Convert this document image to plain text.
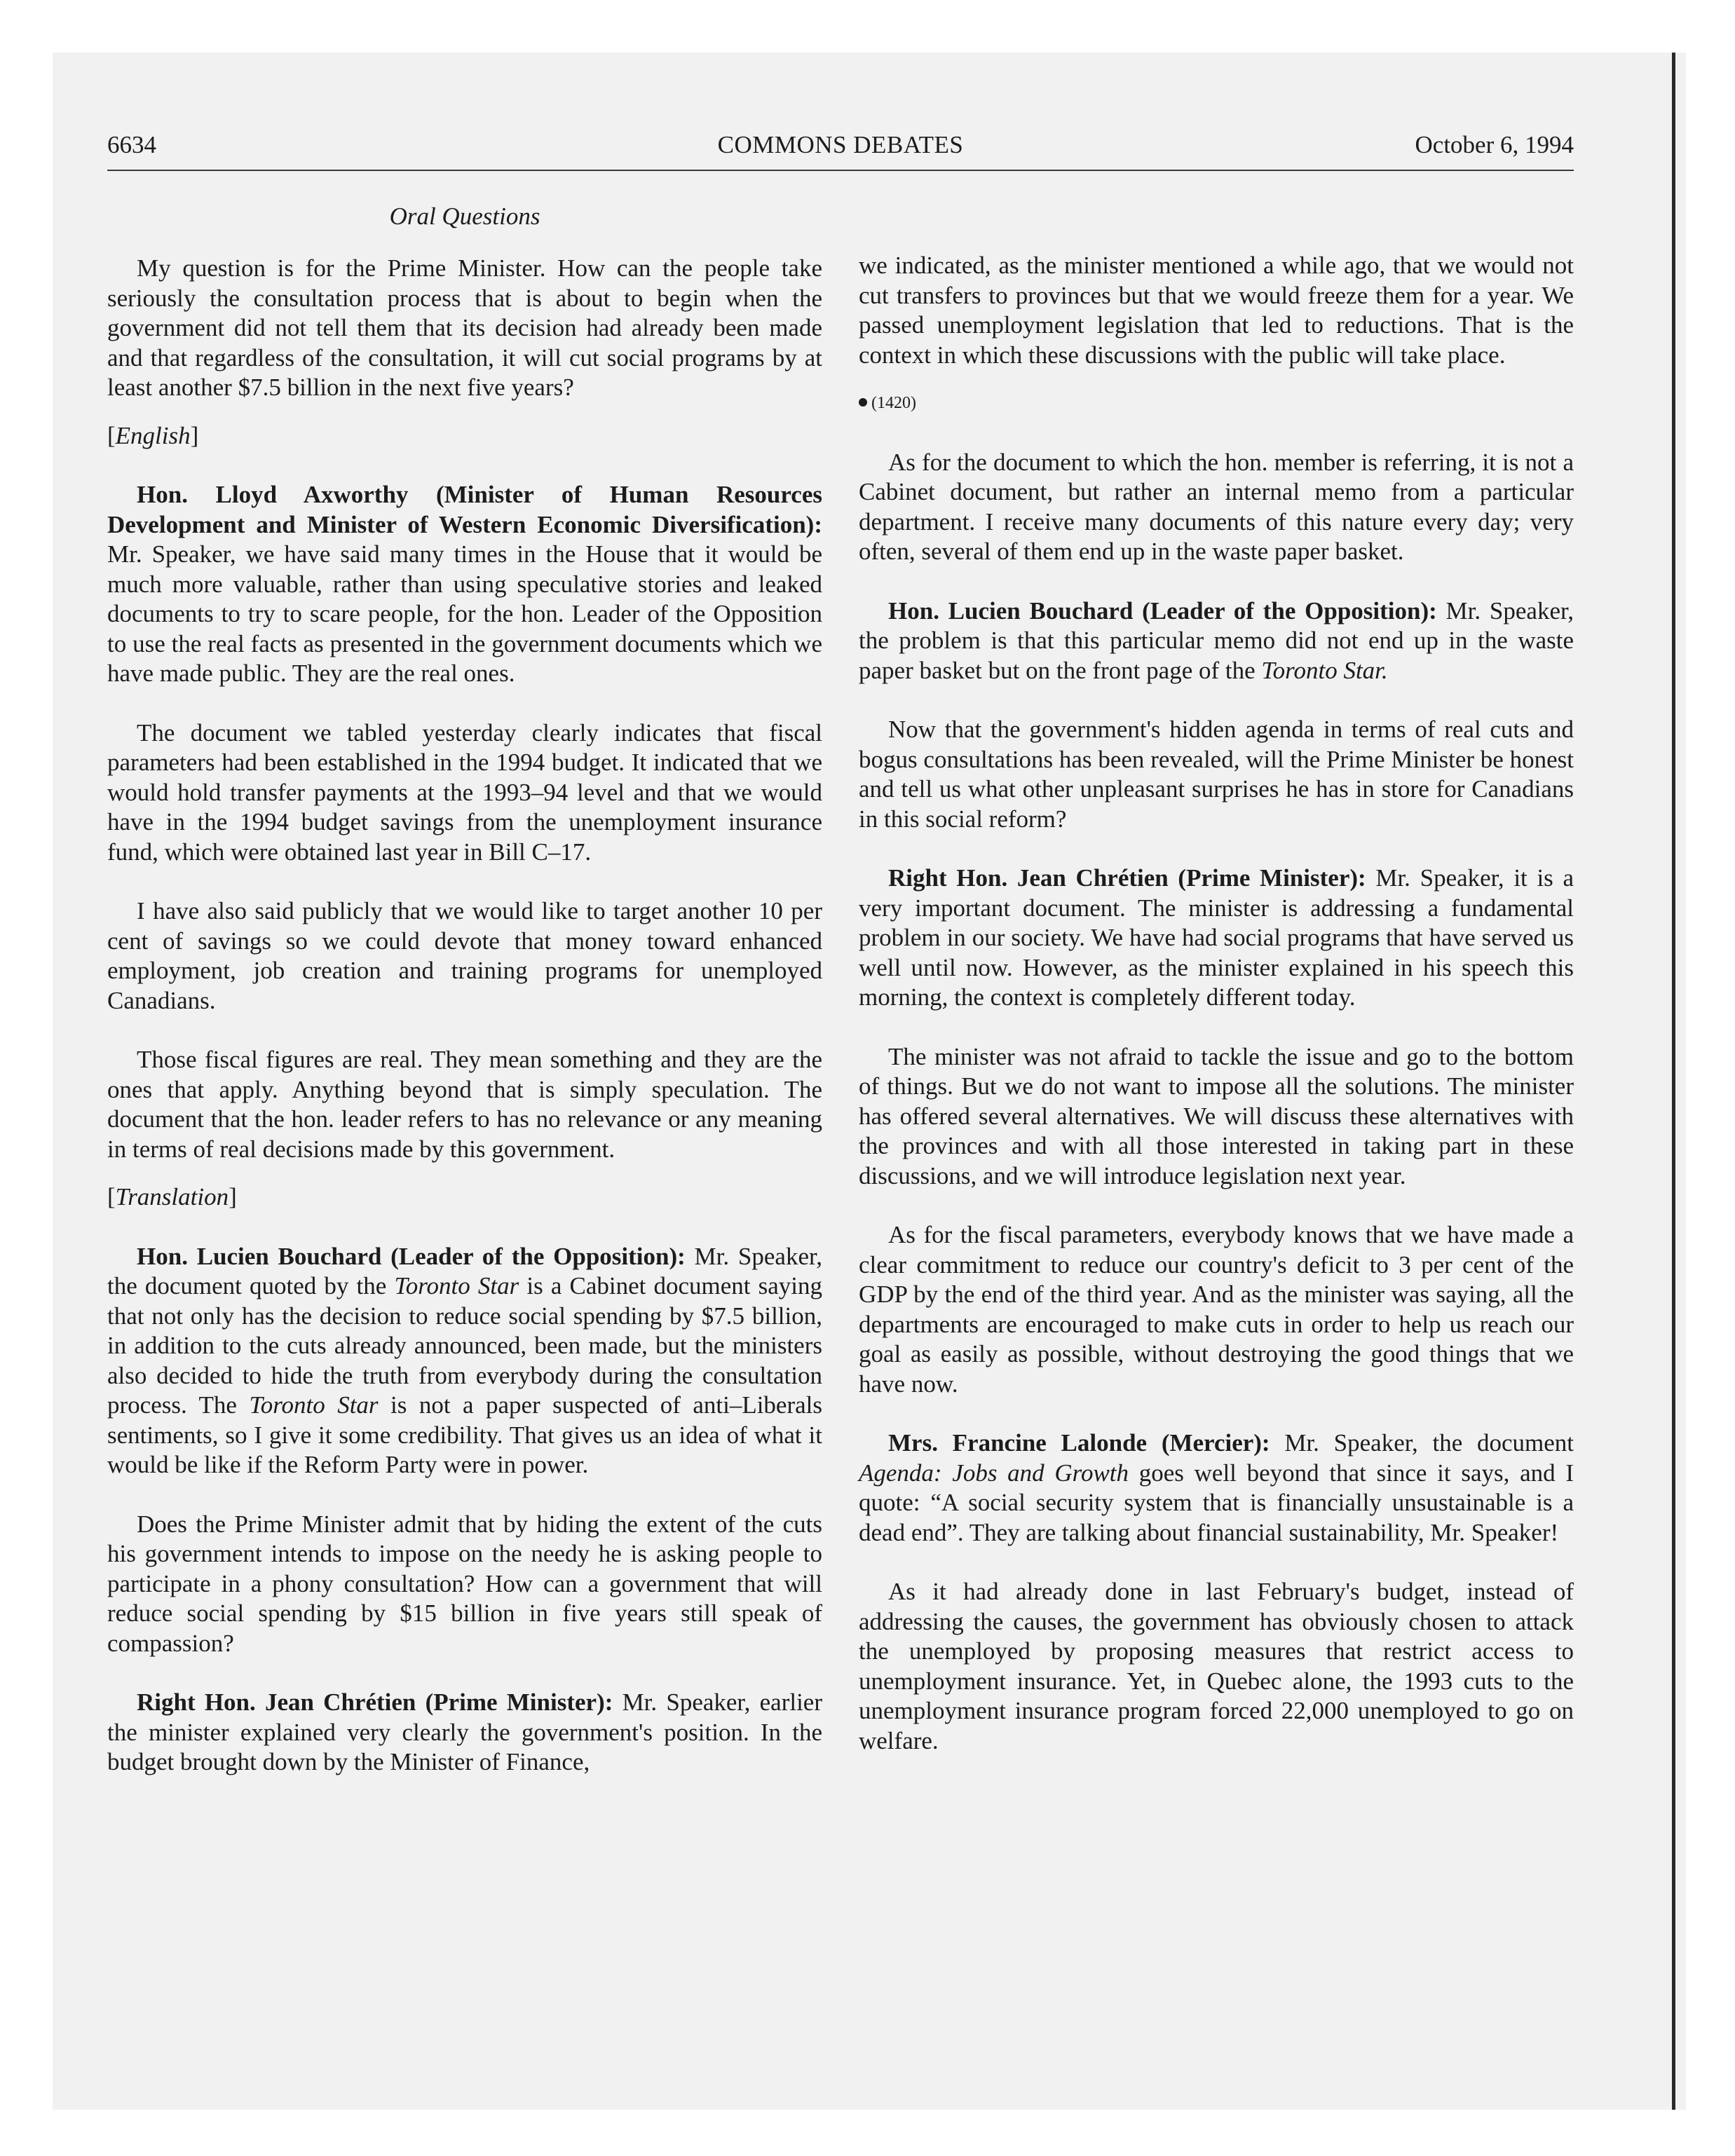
6634	COMMONS DEBATES	October 6, 1994
Oral Questions

My question is for the Prime Minister. How can the people take seriously the consultation process that is about to begin when the government did not tell them that its decision had already been made and that regardless of the consultation, it will cut social programs by at least another $7.5 billion in the next five years?

[English]

Hon. Lloyd Axworthy (Minister of Human Resources Development and Minister of Western Economic Diversification): Mr. Speaker, we have said many times in the House that it would be much more valuable, rather than using speculative stories and leaked documents to try to scare people, for the hon. Leader of the Opposition to use the real facts as presented in the government documents which we have made public. They are the real ones.

The document we tabled yesterday clearly indicates that fiscal parameters had been established in the 1994 budget. It indicated that we would hold transfer payments at the 1993–94 level and that we would have in the 1994 budget savings from the unemployment insurance fund, which were obtained last year in Bill C–17.

I have also said publicly that we would like to target another 10 per cent of savings so we could devote that money toward enhanced employment, job creation and training programs for unemployed Canadians.

Those fiscal figures are real. They mean something and they are the ones that apply. Anything beyond that is simply speculation. The document that the hon. leader refers to has no relevance or any meaning in terms of real decisions made by this government.

[Translation]

Hon. Lucien Bouchard (Leader of the Opposition): Mr. Speaker, the document quoted by the Toronto Star is a Cabinet document saying that not only has the decision to reduce social spending by $7.5 billion, in addition to the cuts already announced, been made, but the ministers also decided to hide the truth from everybody during the consultation process. The Toronto Star is not a paper suspected of anti–Liberals sentiments, so I give it some credibility. That gives us an idea of what it would be like if the Reform Party were in power.

Does the Prime Minister admit that by hiding the extent of the cuts his government intends to impose on the needy he is asking people to participate in a phony consultation? How can a government that will reduce social spending by $15 billion in five years still speak of compassion?

Right Hon. Jean Chrétien (Prime Minister): Mr. Speaker, earlier the minister explained very clearly the government's position. In the budget brought down by the Minister of Finance,

we indicated, as the minister mentioned a while ago, that we would not cut transfers to provinces but that we would freeze them for a year. We passed unemployment legislation that led to reductions. That is the context in which these discussions with the public will take place.

(1420)

As for the document to which the hon. member is referring, it is not a Cabinet document, but rather an internal memo from a particular department. I receive many documents of this nature every day; very often, several of them end up in the waste paper basket.

Hon. Lucien Bouchard (Leader of the Opposition): Mr. Speaker, the problem is that this particular memo did not end up in the waste paper basket but on the front page of the Toronto Star.

Now that the government's hidden agenda in terms of real cuts and bogus consultations has been revealed, will the Prime Minister be honest and tell us what other unpleasant surprises he has in store for Canadians in this social reform?

Right Hon. Jean Chrétien (Prime Minister): Mr. Speaker, it is a very important document. The minister is addressing a fundamental problem in our society. We have had social programs that have served us well until now. However, as the minister explained in his speech this morning, the context is completely different today.

The minister was not afraid to tackle the issue and go to the bottom of things. But we do not want to impose all the solutions. The minister has offered several alternatives. We will discuss these alternatives with the provinces and with all those interested in taking part in these discussions, and we will introduce legislation next year.

As for the fiscal parameters, everybody knows that we have made a clear commitment to reduce our country's deficit to 3 per cent of the GDP by the end of the third year. And as the minister was saying, all the departments are encouraged to make cuts in order to help us reach our goal as easily as possible, without destroying the good things that we have now.

Mrs. Francine Lalonde (Mercier): Mr. Speaker, the document Agenda: Jobs and Growth goes well beyond that since it says, and I quote: “A social security system that is financially unsustainable is a dead end”. They are talking about financial sustainability, Mr. Speaker!

As it had already done in last February's budget, instead of addressing the causes, the government has obviously chosen to attack the unemployed by proposing measures that restrict access to unemployment insurance. Yet, in Quebec alone, the 1993 cuts to the unemployment insurance program forced 22,000 unemployed to go on welfare.
